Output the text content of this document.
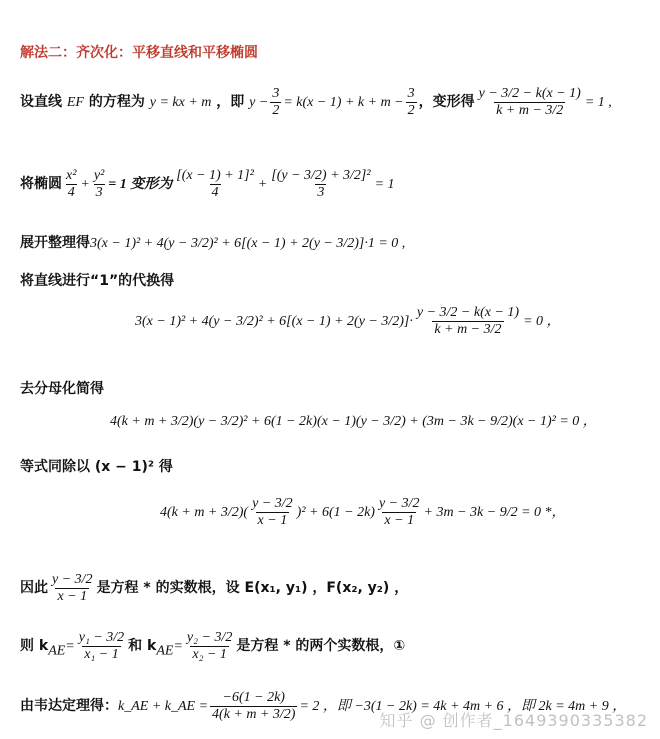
解法二：齐次化：平移直线和平移椭圆
设直线 EF 的方程为 y = kx + m ，即 $y - \frac{3}{2} = k(x - 1) + k + m - \frac{3}{2}$ ，变形得 $\frac{y - 3/2 - k(x - 1)}{k + m - 3/2} = 1$ ,
将椭圆 $\frac{\text{x²}}{4} + \frac{\text{y²}}{3} = 1$ 变形为 $\frac{\text{[(x − 1) + 1]²}}{4} + \frac{\text{[(y − 3/2) + 3/2]²}}{3} = 1$
展开整理得3(x − 1)² + 4(y − 3/2)² + 6[(x − 1) + 2(y − 3/2)]·1 = 0 ,
将直线进行“1”的代换得
$3(x - 1)^2 + 4(y - 3/2)^2 + 6[(x - 1) + 2(y - 3/2)]\cdot \frac{y - 3/2 - k(x - 1)}{k + m - 3/2} = 0$ ，
去分母化简得
4(k + m + 3/2)(y − 3/2)² + 6(1 − 2k)(x − 1)(y − 3/2) + (3m − 3k − 9/2)(x − 1)² = 0 ，
等式同除以 (x − 1)² 得
$4(k + m + 3/2)( \frac{y - 3/2}{x - 1} )^2 + 6(1 - 2k) \frac{y - 3/2}{x - 1} + 3m - 3k - 9/2 = 0$ *，
因此 $\frac{y - 3/2}{x - 1}$ 是方程 * 的实数根，设 E(x₁, y₁) ，F(x₂, y₂) ，
则 $k_{AE}= \frac{\text{y₁ − 3/2}}{\text{x₁ − 1}}$ 和 $k_{AE}= \frac{\text{y₂ − 3/2}}{\text{x₂ − 1}}$ 是方程 * 的两个实数根，①
由韦达定理得：k_AE + k_AE = $\frac{-6(1 - 2k)}{4(k + m + 3/2)} = 2$ ，即 −3(1 − 2k) = 4k + 4m + 6 ，即 2k = 4m + 9 ，
知乎 @ 创作者_1649390335382
